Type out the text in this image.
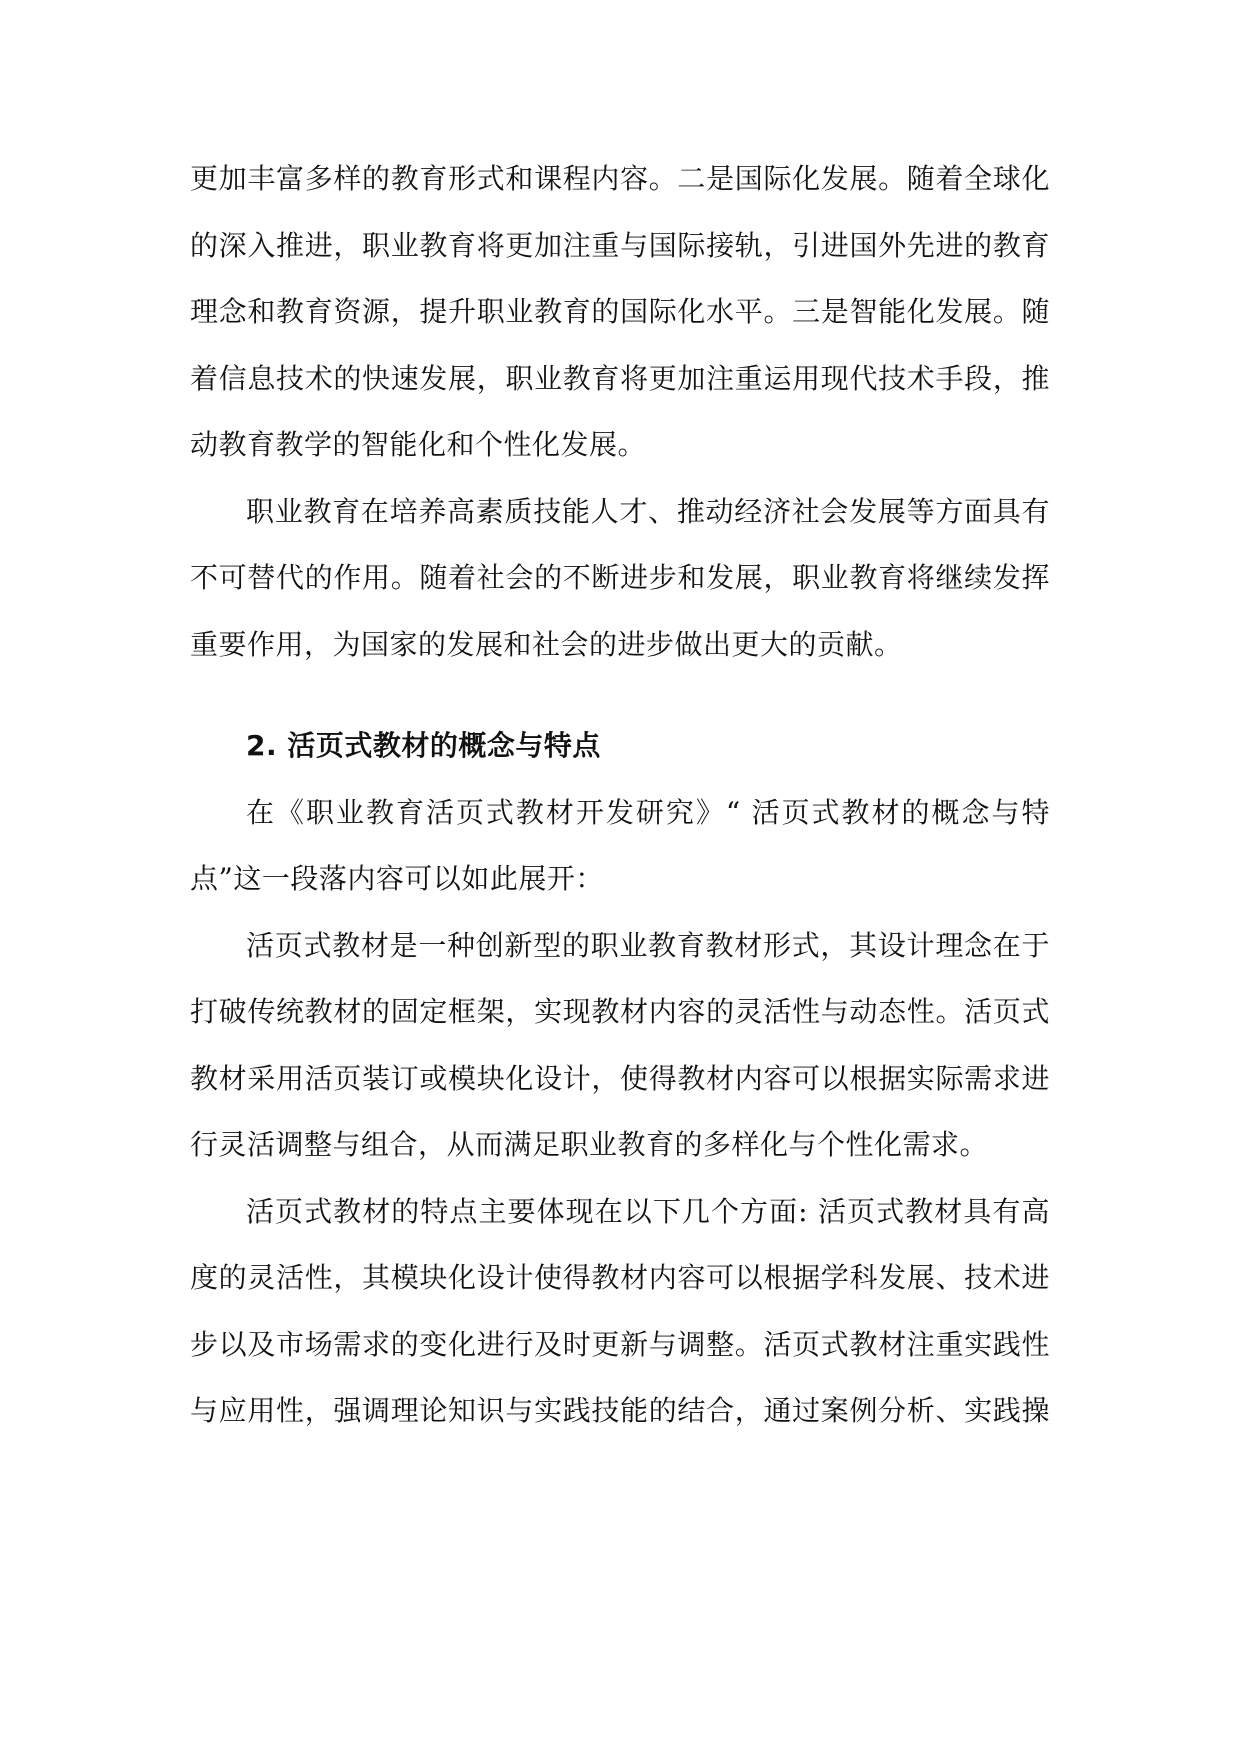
更加丰富多样的教育形式和课程内容。二是国际化发展。随着全球化
的深入推进，职业教育将更加注重与国际接轨，引进国外先进的教育
理念和教育资源，提升职业教育的国际化水平。三是智能化发展。随
着信息技术的快速发展，职业教育将更加注重运用现代技术手段，推
动教育教学的智能化和个性化发展。

职业教育在培养高素质技能人才、推动经济社会发展等方面具有
不可替代的作用。随着社会的不断进步和发展，职业教育将继续发挥
重要作用，为国家的发展和社会的进步做出更大的贡献。

2. 活页式教材的概念与特点

在《职业教育活页式教材开发研究》“ 活页式教材的概念与特
点”这一段落内容可以如此展开：

活页式教材是一种创新型的职业教育教材形式，其设计理念在于
打破传统教材的固定框架，实现教材内容的灵活性与动态性。活页式
教材采用活页装订或模块化设计，使得教材内容可以根据实际需求进
行灵活调整与组合，从而满足职业教育的多样化与个性化需求。

活页式教材的特点主要体现在以下几个方面: 活页式教材具有高
度的灵活性，其模块化设计使得教材内容可以根据学科发展、技术进
步以及市场需求的变化进行及时更新与调整。活页式教材注重实践性
与应用性，强调理论知识与实践技能的结合，通过案例分析、实践操
